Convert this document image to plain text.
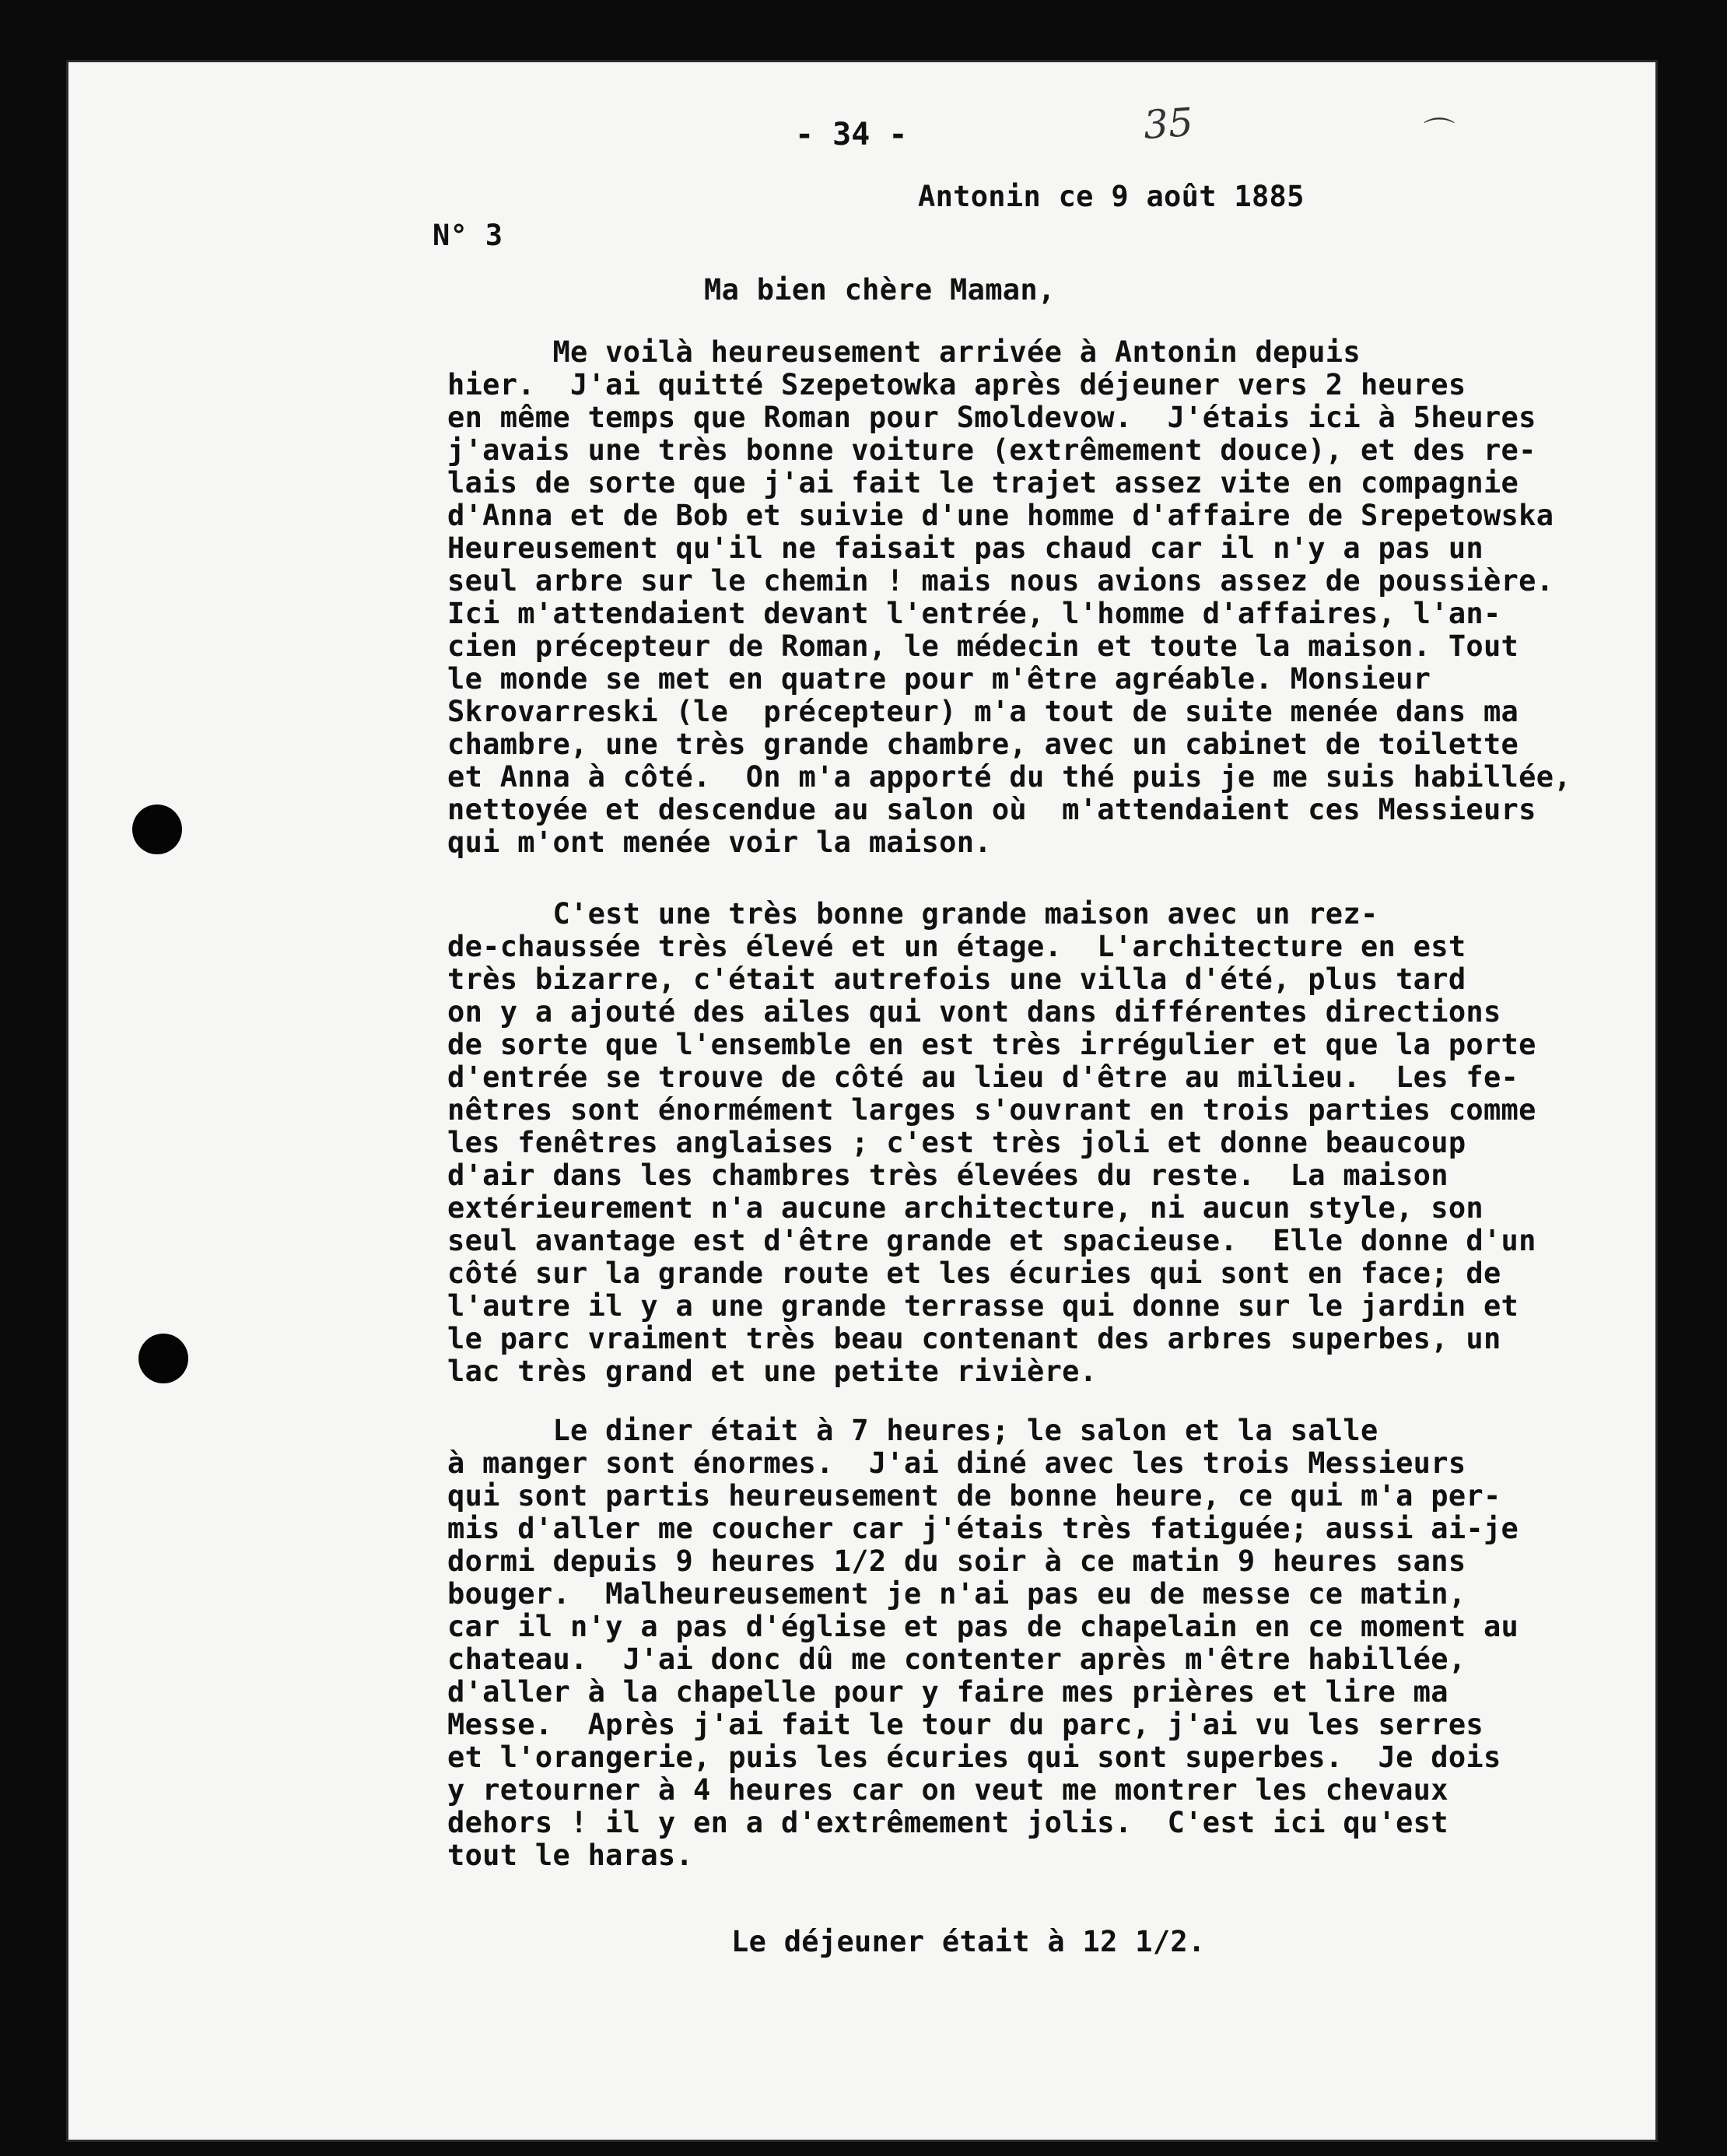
- 34 -	35	⌒
Antonin ce 9 août 1885
N° 3
Ma bien chère Maman,
Me voilà heureusement arrivée à Antonin depuis
hier.  J'ai quitté Szepetowka après déjeuner vers 2 heures
en même temps que Roman pour Smoldevow.  J'étais ici à 5heures
j'avais une très bonne voiture (extrêmement douce), et des re-
lais de sorte que j'ai fait le trajet assez vite en compagnie
d'Anna et de Bob et suivie d'une homme d'affaire de Srepetowska
Heureusement qu'il ne faisait pas chaud car il n'y a pas un
seul arbre sur le chemin ! mais nous avions assez de poussière.
Ici m'attendaient devant l'entrée, l'homme d'affaires, l'an-
cien précepteur de Roman, le médecin et toute la maison. Tout
le monde se met en quatre pour m'être agréable. Monsieur
Skrovarreski (le  précepteur) m'a tout de suite menée dans ma
chambre, une très grande chambre, avec un cabinet de toilette
et Anna à côté.  On m'a apporté du thé puis je me suis habillée,
nettoyée et descendue au salon où  m'attendaient ces Messieurs
qui m'ont menée voir la maison.
C'est une très bonne grande maison avec un rez-
de-chaussée très élevé et un étage.  L'architecture en est
très bizarre, c'était autrefois une villa d'été, plus tard
on y a ajouté des ailes qui vont dans différentes directions
de sorte que l'ensemble en est très irrégulier et que la porte
d'entrée se trouve de côté au lieu d'être au milieu.  Les fe-
nêtres sont énormément larges s'ouvrant en trois parties comme
les fenêtres anglaises ; c'est très joli et donne beaucoup
d'air dans les chambres très élevées du reste.  La maison
extérieurement n'a aucune architecture, ni aucun style, son
seul avantage est d'être grande et spacieuse.  Elle donne d'un
côté sur la grande route et les écuries qui sont en face; de
l'autre il y a une grande terrasse qui donne sur le jardin et
le parc vraiment très beau contenant des arbres superbes, un
lac très grand et une petite rivière.
Le diner était à 7 heures; le salon et la salle
à manger sont énormes.  J'ai diné avec les trois Messieurs
qui sont partis heureusement de bonne heure, ce qui m'a per-
mis d'aller me coucher car j'étais très fatiguée; aussi ai-je
dormi depuis 9 heures 1/2 du soir à ce matin 9 heures sans
bouger.  Malheureusement je n'ai pas eu de messe ce matin,
car il n'y a pas d'église et pas de chapelain en ce moment au
chateau.  J'ai donc dû me contenter après m'être habillée,
d'aller à la chapelle pour y faire mes prières et lire ma
Messe.  Après j'ai fait le tour du parc, j'ai vu les serres
et l'orangerie, puis les écuries qui sont superbes.  Je dois
y retourner à 4 heures car on veut me montrer les chevaux
dehors ! il y en a d'extrêmement jolis.  C'est ici qu'est
tout le haras.
Le déjeuner était à 12 1/2.
